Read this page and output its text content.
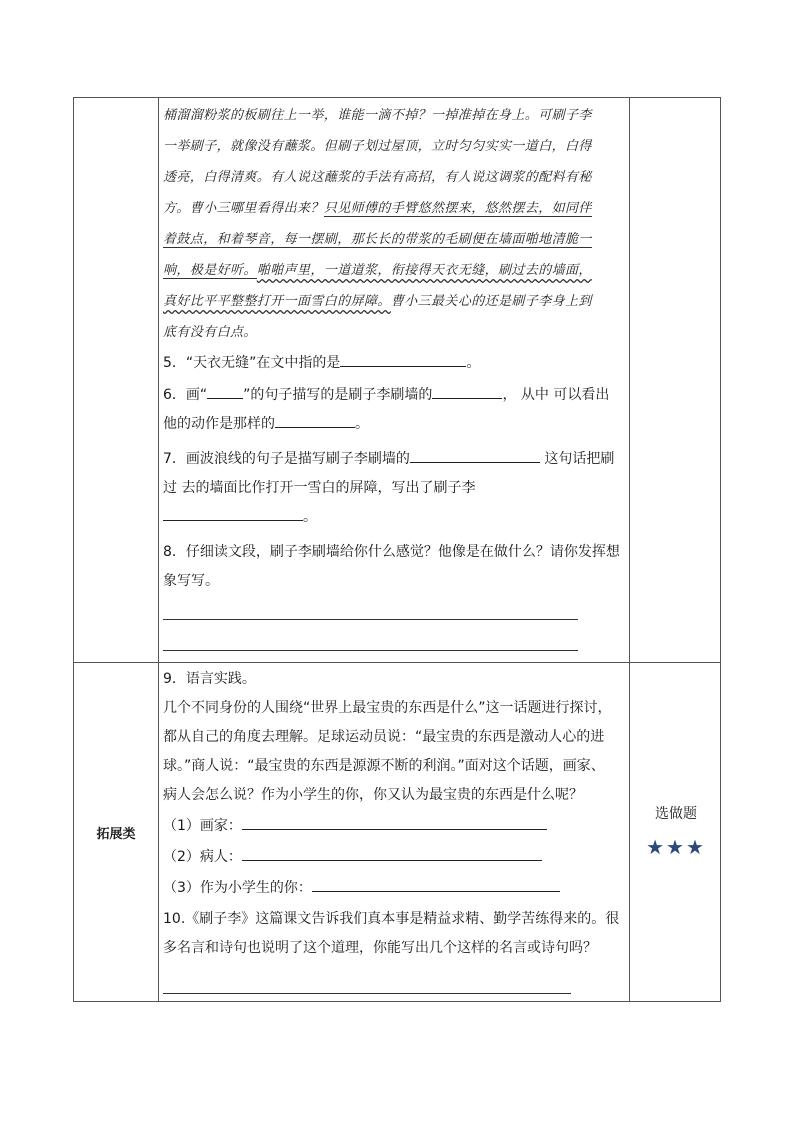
桶溜溜粉浆的板刷往上一举，谁能一滴不掉？一掉准掉在身上。可刷子李
一举刷子，就像没有蘸浆。但刷子划过屋顶，立时匀匀实实一道白，白得
透亮，白得清爽。有人说这蘸浆的手法有高招，有人说这调浆的配料有秘
方。曹小三哪里看得出来？只见师傅的手臂悠然摆来，悠然摆去，如同伴
着鼓点，和着琴音，每一摆刷，那长长的带浆的毛刷便在墙面啪地清脆一
响，极是好听。啪啪声里，一道道浆，衔接得天衣无缝，刷过去的墙面，
真好比平平整整打开一面雪白的屏障。曹小三最关心的还是刷子李身上到
底有没有白点。
5．“天衣无缝”在文中指的是	。
6．画“	”的句子描写的是刷子李刷墙的	， 从中 可以看出
他的动作是那样的	。
7．画波浪线的句子是描写刷子李刷墙的	这句话把刷
过 去的墙面比作打开一雪白的屏障，写出了刷子李
。
8．仔细读文段，刷子李刷墙给你什么感觉？他像是在做什么？请你发挥想
象写写。
拓展类
9．语言实践。
几个不同身份的人围绕“世界上最宝贵的东西是什么”这一话题进行探讨，
都从自己的角度去理解。足球运动员说：“最宝贵的东西是激动人心的进
球。”商人说：“最宝贵的东西是源源不断的利润。”面对这个话题，画家、
病人会怎么说？作为小学生的你，你又认为最宝贵的东西是什么呢？
（1）画家：
（2）病人：
（3）作为小学生的你：
10.《刷子李》这篇课文告诉我们真本事是精益求精、勤学苦练得来的。很
多名言和诗句也说明了这个道理，你能写出几个这样的名言或诗句吗？
选做题
★★★
